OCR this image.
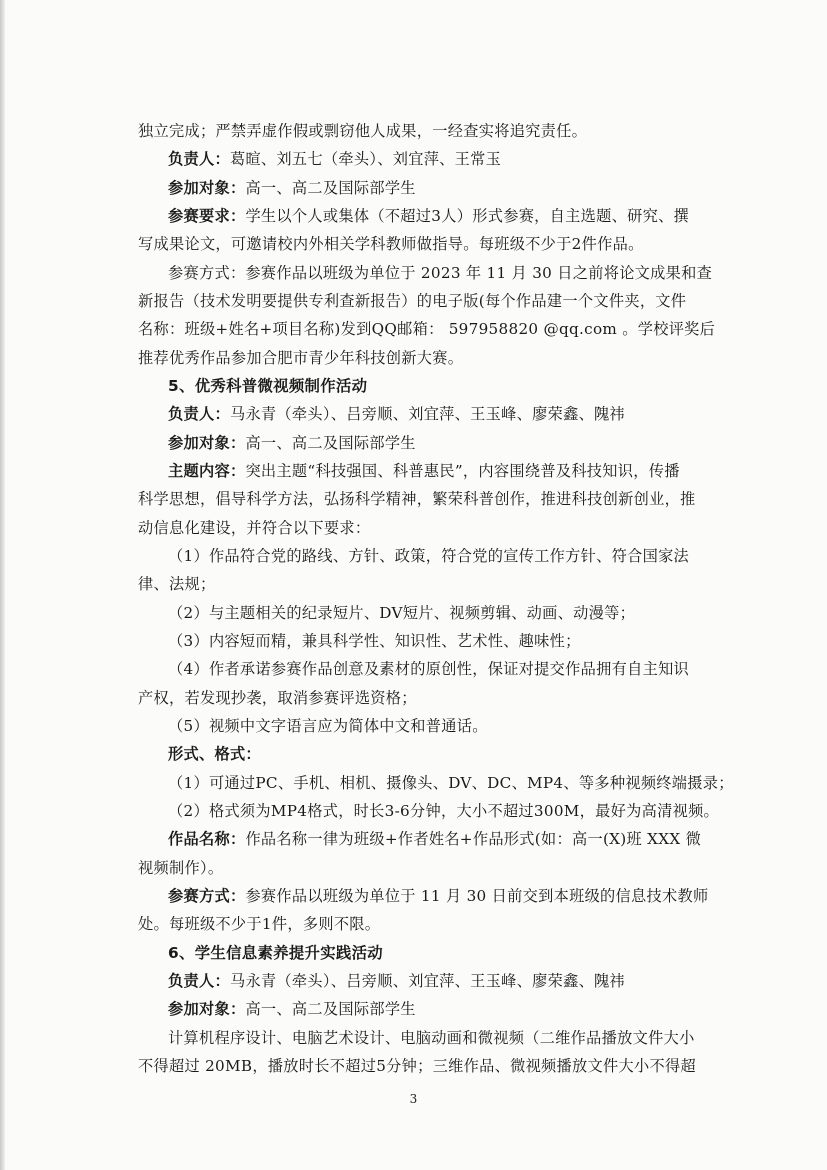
独立完成；严禁弄虚作假或剽窃他人成果，一经查实将追究责任。
负责人：葛暄、刘五七（牵头）、刘宜萍、王常玉
参加对象：高一、高二及国际部学生
参赛要求：学生以个人或集体（不超过3人）形式参赛，自主选题、研究、撰
写成果论文，可邀请校内外相关学科教师做指导。每班级不少于2件作品。
参赛方式：参赛作品以班级为单位于 2023 年 11 月 30 日之前将论文成果和查
新报告（技术发明要提供专利查新报告）的电子版(每个作品建一个文件夹，文件
名称：班级+姓名+项目名称)发到QQ邮箱： 597958820 @qq.com 。学校评奖后
推荐优秀作品参加合肥市青少年科技创新大赛。
5、优秀科普微视频制作活动
负责人：马永青（牵头）、吕旁顺、刘宜萍、王玉峰、廖荣鑫、隗祎
参加对象：高一、高二及国际部学生
主题内容：突出主题“科技强国、科普惠民”，内容围绕普及科技知识，传播
科学思想，倡导科学方法，弘扬科学精神，繁荣科普创作，推进科技创新创业，推
动信息化建设，并符合以下要求：
（1）作品符合党的路线、方针、政策，符合党的宣传工作方针、符合国家法
律、法规；
（2）与主题相关的纪录短片、DV短片、视频剪辑、动画、动漫等；
（3）内容短而精，兼具科学性、知识性、艺术性、趣味性；
（4）作者承诺参赛作品创意及素材的原创性，保证对提交作品拥有自主知识
产权，若发现抄袭，取消参赛评选资格；
（5）视频中文字语言应为简体中文和普通话。
形式、格式：
（1）可通过PC、手机、相机、摄像头、DV、DC、MP4、等多种视频终端摄录；
（2）格式须为MP4格式，时长3-6分钟，大小不超过300M，最好为高清视频。
作品名称：作品名称一律为班级+作者姓名+作品形式(如：高一(X)班 XXX 微
视频制作）。
参赛方式：参赛作品以班级为单位于 11 月 30 日前交到本班级的信息技术教师
处。每班级不少于1件，多则不限。
6、学生信息素养提升实践活动
负责人：马永青（牵头）、吕旁顺、刘宜萍、王玉峰、廖荣鑫、隗祎
参加对象：高一、高二及国际部学生
计算机程序设计、电脑艺术设计、电脑动画和微视频（二维作品播放文件大小
不得超过 20MB，播放时长不超过5分钟；三维作品、微视频播放文件大小不得超
3
